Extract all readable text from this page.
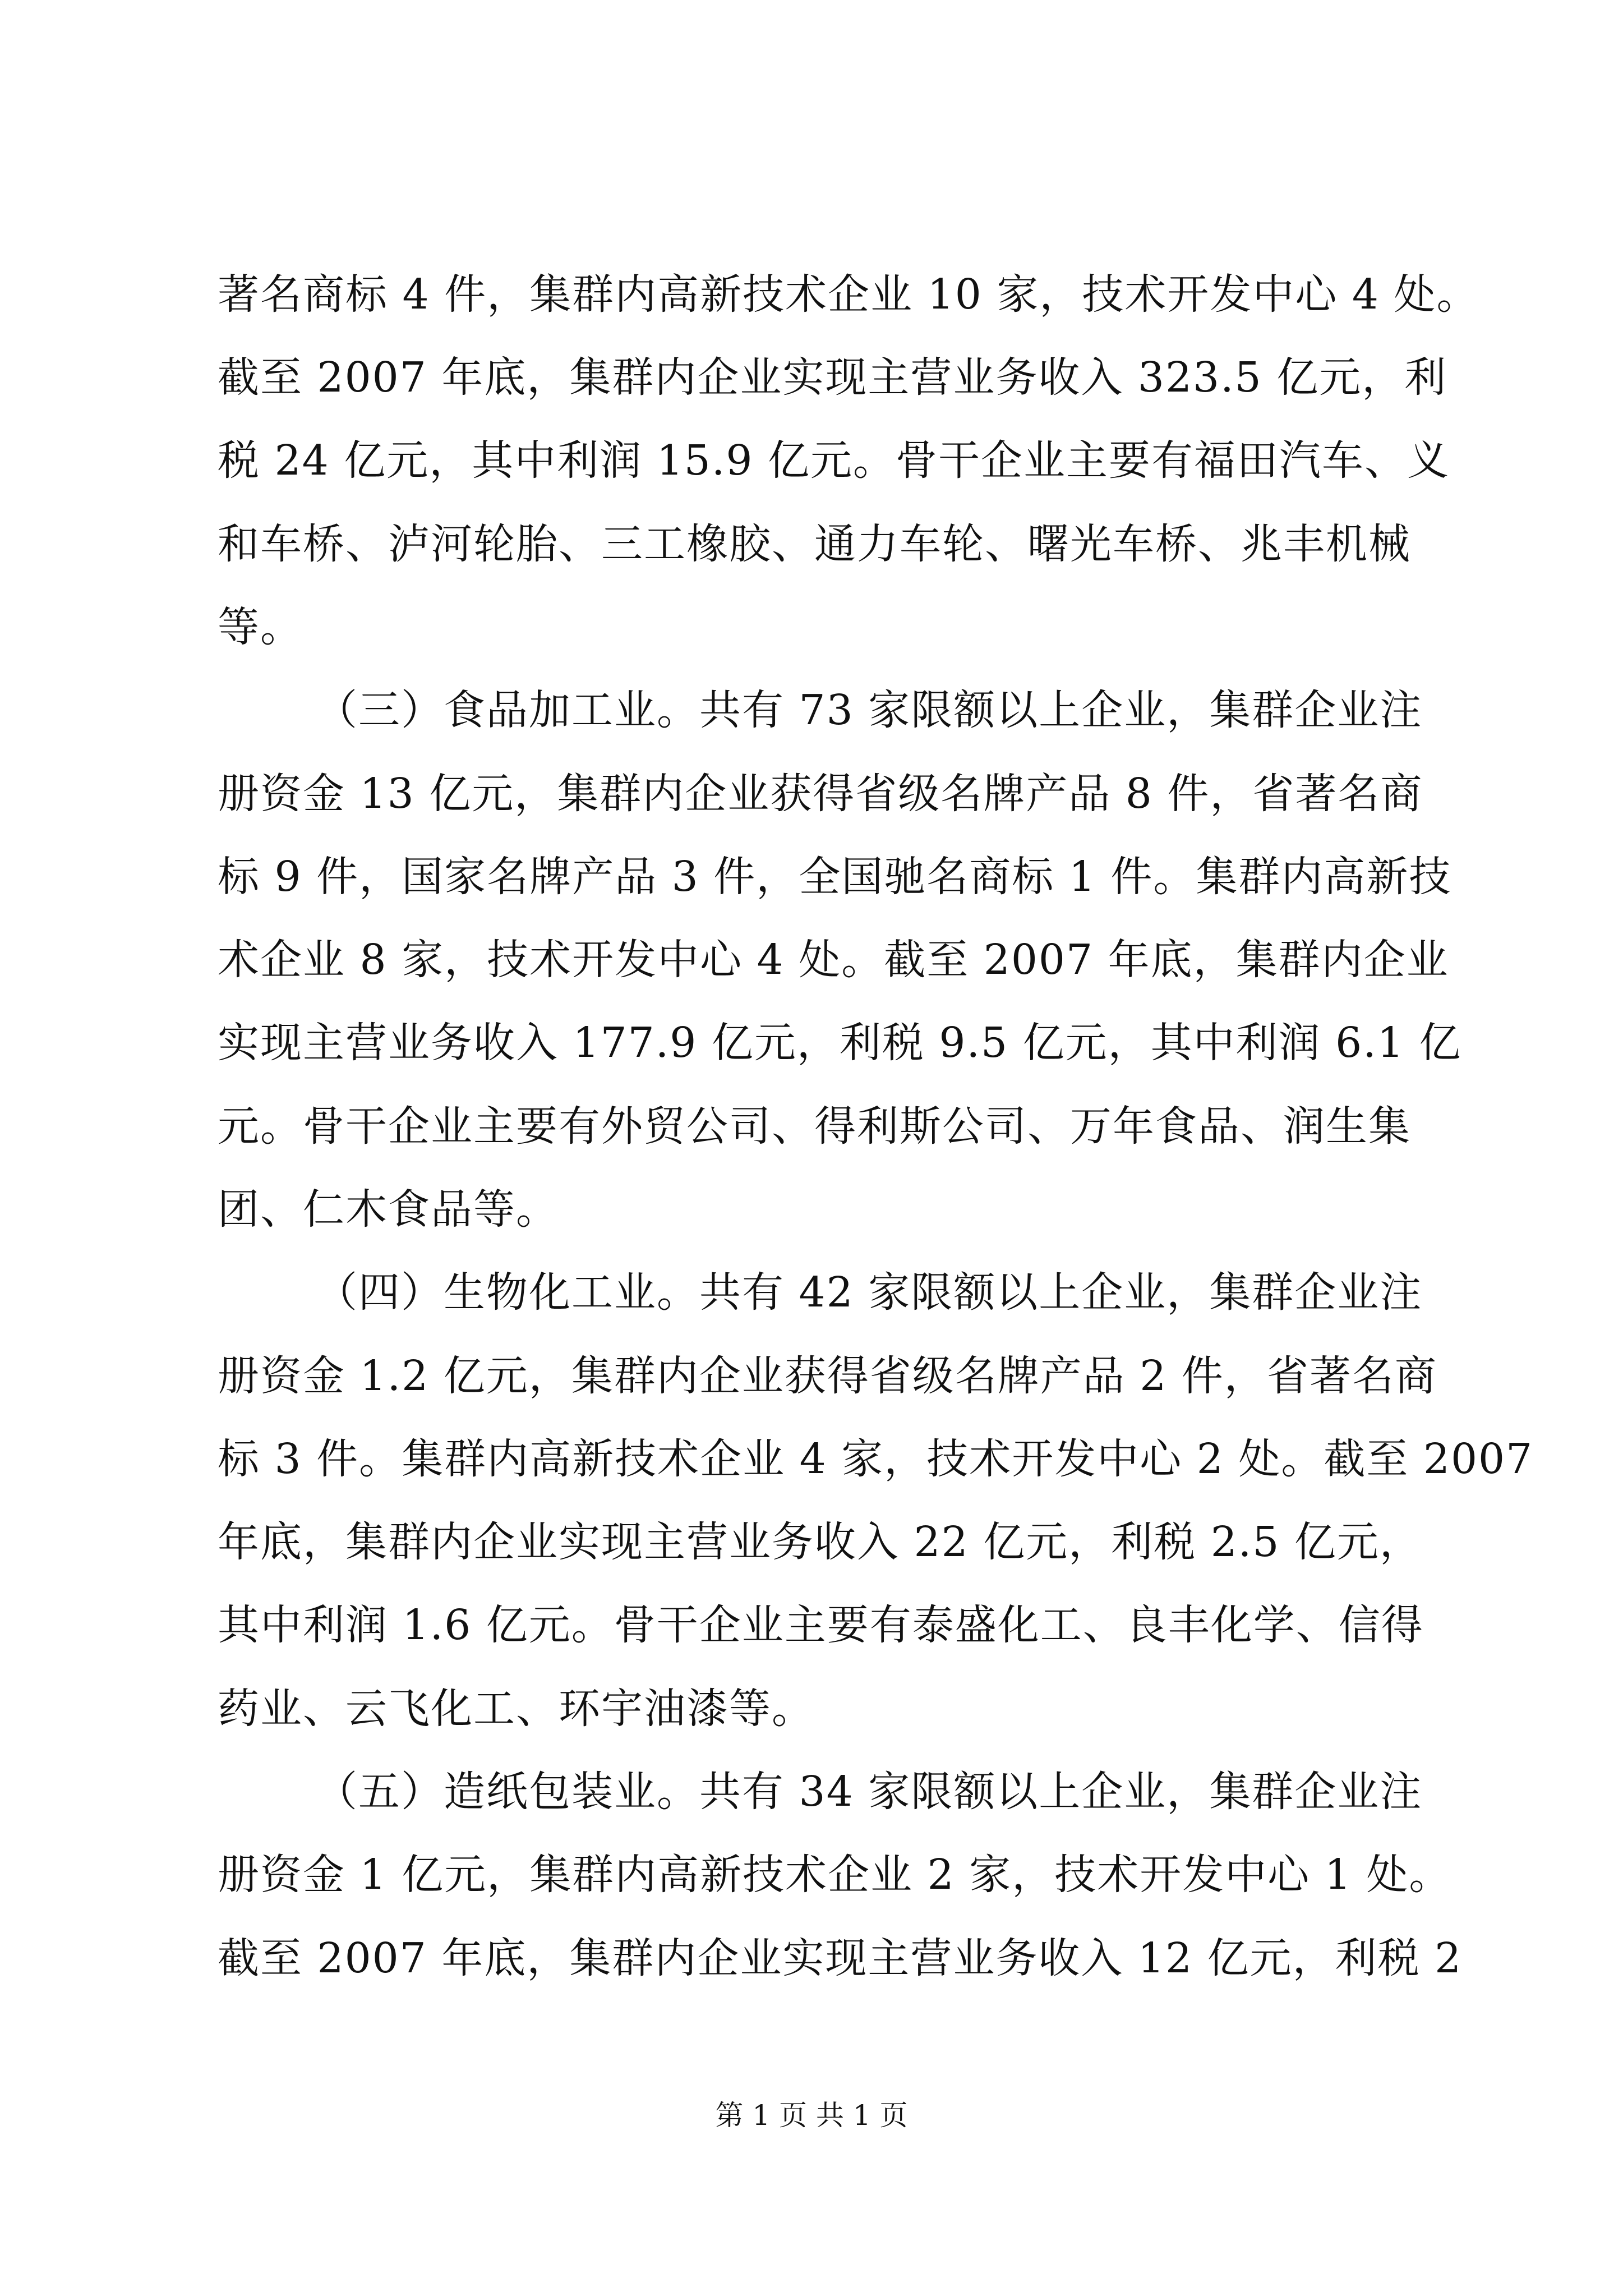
著名商标 4 件，集群内高新技术企业 10 家，技术开发中心 4 处。
截至 2007 年底，集群内企业实现主营业务收入 323.5 亿元，利
税 24 亿元，其中利润 15.9 亿元。骨干企业主要有福田汽车、义
和车桥、泸河轮胎、三工橡胶、通力车轮、曙光车桥、兆丰机械
等。
（三）食品加工业。共有 73 家限额以上企业，集群企业注
册资金 13 亿元，集群内企业获得省级名牌产品 8 件，省著名商
标 9 件，国家名牌产品 3 件，全国驰名商标 1 件。集群内高新技
术企业 8 家，技术开发中心 4 处。截至 2007 年底，集群内企业
实现主营业务收入 177.9 亿元，利税 9.5 亿元，其中利润 6.1 亿
元。骨干企业主要有外贸公司、得利斯公司、万年食品、润生集
团、仁木食品等。
（四）生物化工业。共有 42 家限额以上企业，集群企业注
册资金 1.2 亿元，集群内企业获得省级名牌产品 2 件，省著名商
标 3 件。集群内高新技术企业 4 家，技术开发中心 2 处。截至 2007
年底，集群内企业实现主营业务收入 22 亿元，利税 2.5 亿元，
其中利润 1.6 亿元。骨干企业主要有泰盛化工、良丰化学、信得
药业、云飞化工、环宇油漆等。
（五）造纸包装业。共有 34 家限额以上企业，集群企业注
册资金 1 亿元，集群内高新技术企业 2 家，技术开发中心 1 处。
截至 2007 年底，集群内企业实现主营业务收入 12 亿元，利税 2
第 1 页 共 1 页
